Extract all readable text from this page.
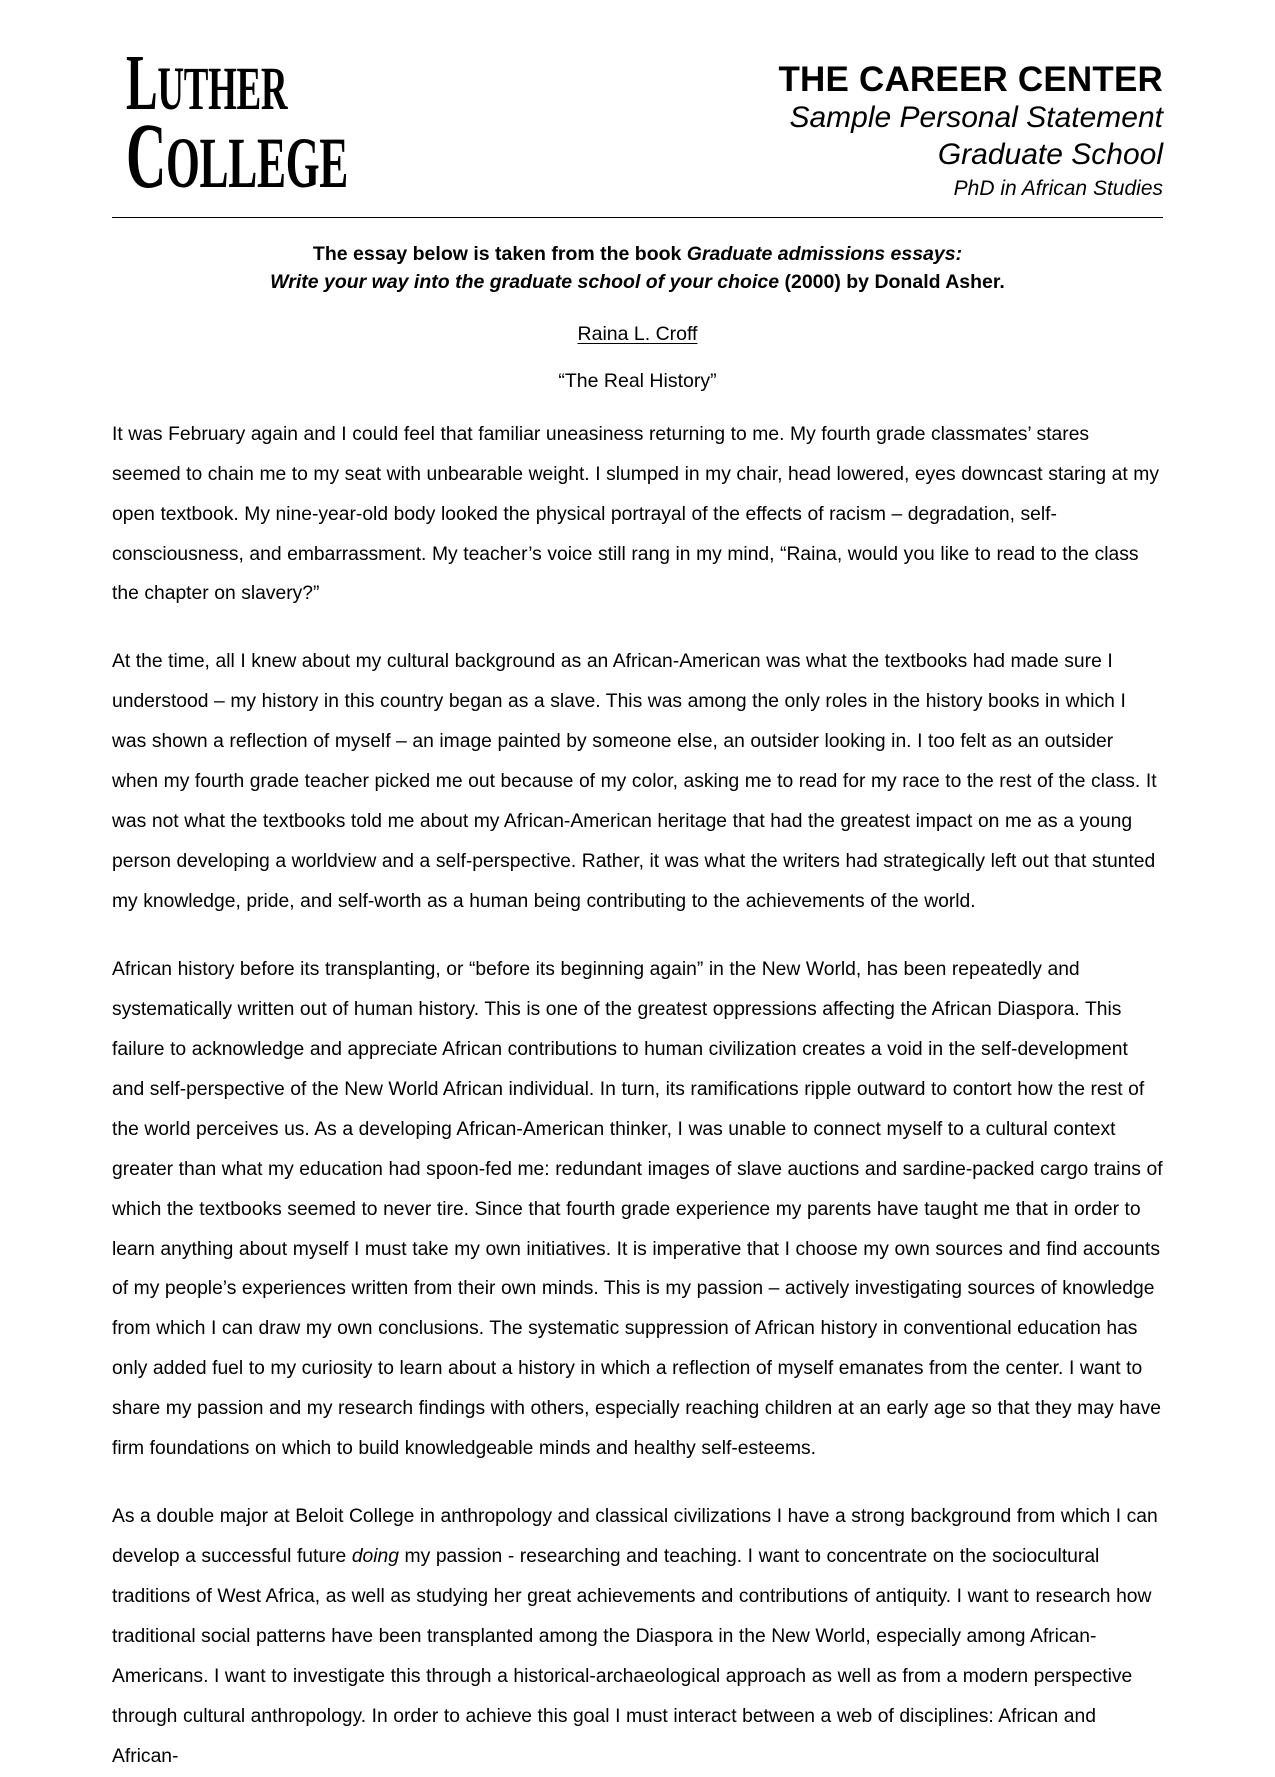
LUTHER
COLLEGE
THE CAREER CENTER
Sample Personal Statement
Graduate School
PhD in African Studies
The essay below is taken from the book Graduate admissions essays:
Write your way into the graduate school of your choice (2000) by Donald Asher.
Raina L. Croff
“The Real History”

It was February again and I could feel that familiar uneasiness returning to me. My fourth grade classmates’ stares seemed to chain me to my seat with unbearable weight. I slumped in my chair, head lowered, eyes downcast staring at my open textbook. My nine-year-old body looked the physical portrayal of the effects of racism – degradation, self-consciousness, and embarrassment. My teacher’s voice still rang in my mind, “Raina, would you like to read to the class the chapter on slavery?”

At the time, all I knew about my cultural background as an African-American was what the textbooks had made sure I understood – my history in this country began as a slave. This was among the only roles in the history books in which I was shown a reflection of myself – an image painted by someone else, an outsider looking in. I too felt as an outsider when my fourth grade teacher picked me out because of my color, asking me to read for my race to the rest of the class. It was not what the textbooks told me about my African-American heritage that had the greatest impact on me as a young person developing a worldview and a self-perspective. Rather, it was what the writers had strategically left out that stunted my knowledge, pride, and self-worth as a human being contributing to the achievements of the world.

African history before its transplanting, or “before its beginning again” in the New World, has been repeatedly and systematically written out of human history. This is one of the greatest oppressions affecting the African Diaspora. This failure to acknowledge and appreciate African contributions to human civilization creates a void in the self-development and self-perspective of the New World African individual. In turn, its ramifications ripple outward to contort how the rest of the world perceives us. As a developing African-American thinker, I was unable to connect myself to a cultural context greater than what my education had spoon-fed me: redundant images of slave auctions and sardine-packed cargo trains of which the textbooks seemed to never tire. Since that fourth grade experience my parents have taught me that in order to learn anything about myself I must take my own initiatives. It is imperative that I choose my own sources and find accounts of my people’s experiences written from their own minds. This is my passion – actively investigating sources of knowledge from which I can draw my own conclusions. The systematic suppression of African history in conventional education has only added fuel to my curiosity to learn about a history in which a reflection of myself emanates from the center. I want to share my passion and my research findings with others, especially reaching children at an early age so that they may have firm foundations on which to build knowledgeable minds and healthy self-esteems.

As a double major at Beloit College in anthropology and classical civilizations I have a strong background from which I can develop a successful future doing my passion - researching and teaching. I want to concentrate on the sociocultural traditions of West Africa, as well as studying her great achievements and contributions of antiquity. I want to research how traditional social patterns have been transplanted among the Diaspora in the New World, especially among African-Americans. I want to investigate this through a historical-archaeological approach as well as from a modern perspective through cultural anthropology. In order to achieve this goal I must interact between a web of disciplines: African and African-
